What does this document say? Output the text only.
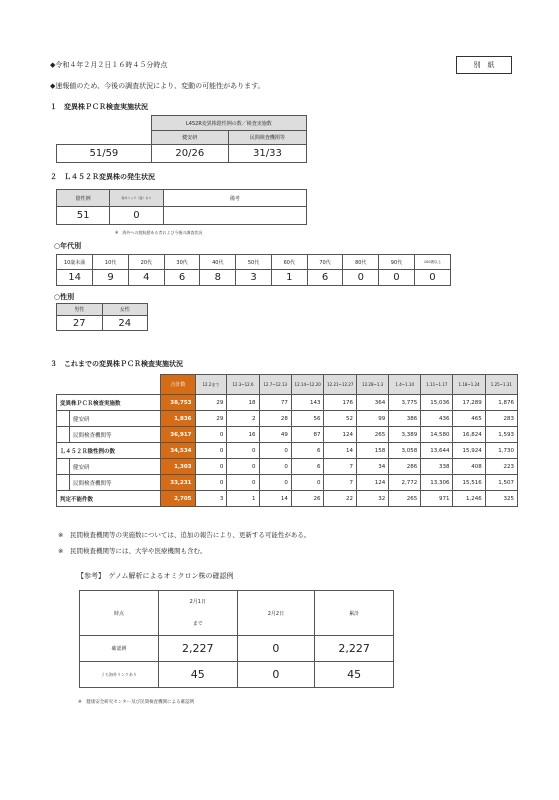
◆令和４年２月２日１６時４５分時点	別　紙
◆速報値のため、今後の調査状況により、変動の可能性があります。
１　変異株ＰＣＲ検査実施状況
	L452R変異株陰性例の数／検査実施数	
	健安研	民間検査機関等
51/59	20/26	31/33
２　Ｌ４５２Ｒ変異株の発生状況
陰性例	海外リンク（疑）あり	備考
51	0	
※　海外への渡航歴ある者および今後の調査状況
○年代別
10歳未満	10代	20代	30代	40代	50代	60代	70代	80代	90代	100歳以上
14	9	4	6	8	3	1	6	0	0	0
○性別
男性	女性
27	24
３　これまでの変異株ＰＣＲ検査実施状況
	合計数	12.2まで	12.3~12.6	12.7~12.13	12.14~12.20	12.21~12.27	12.28~1.3	1.4~1.10	1.11~1.17	1.18~1.24	1.25~1.31
変異株ＰＣＲ検査実施数	38,753	29	18	77	143	176	364	3,775	15,036	17,289	1,876
健安研	1,836	29	2	28	56	52	99	386	436	465	283
民間検査機関等	36,917	0	16	49	87	124	265	3,389	14,580	16,824	1,593
Ｌ４５２Ｒ陰性例の数	34,534	0	0	0	6	14	158	3,058	13,644	15,924	1,730
健安研	1,303	0	0	0	6	7	34	286	338	408	223
民間検査機関等	33,231	0	0	0	0	7	124	2,772	13,306	15,516	1,507
判定不能件数	2,705	3	1	14	26	22	32	265	971	1,246	325
※　民間検査機関等の実施数については、追加の報告により、更新する可能性がある。
※　民間検査機関等には、大学や医療機関も含む。
【参考】　ゲノム解析によるオミクロン株の確認例
時点	2月1日	2月2日	累計
	まで		
確認例	2,227	0	2,227
うち海外リンクあり	45	0	45
※　健康安全研究センター及び民間検査機関による確認例
